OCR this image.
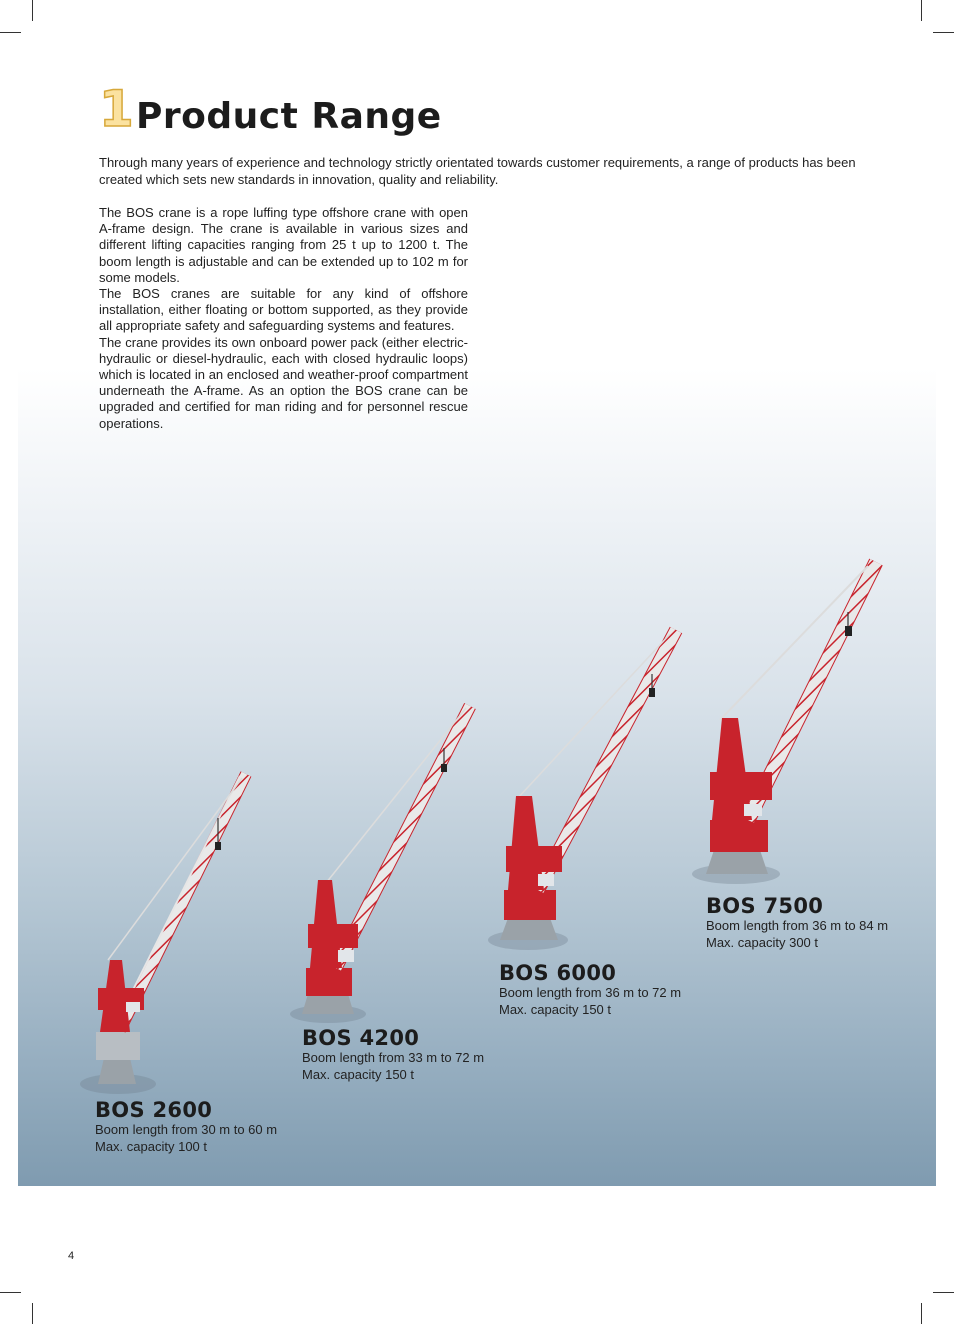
1 Product Range

Through many years of experience and technology strictly orientated towards customer requirements, a range of products has been created which sets new standards in innovation, quality and reliability.

The BOS crane is a rope luffing type offshore crane with open A-frame design. The crane is available in various sizes and different lifting capacities ranging from 25 t up to 1200 t. The boom length is adjustable and can be extended up to 102 m for some models.

The BOS cranes are suitable for any kind of offshore installation, either floating or bottom supported, as they provide all appropriate safety and safeguarding systems and features.

The crane provides its own onboard power pack (either electric-hydraulic or diesel-hydraulic, each with closed hydraulic loops) which is located in an enclosed and weather-proof compartment underneath the A-frame. As an option the BOS crane can be upgraded and certified for man riding and for personnel rescue operations.

BOS 2600
Boom length from 30 m to 60 m
Max. capacity 100 t
BOS 4200
Boom length from 33 m to 72 m
Max. capacity 150 t
BOS 6000
Boom length from 36 m to 72 m
Max. capacity 150 t
BOS 7500
Boom length from 36 m to 84 m
Max. capacity 300 t
4
